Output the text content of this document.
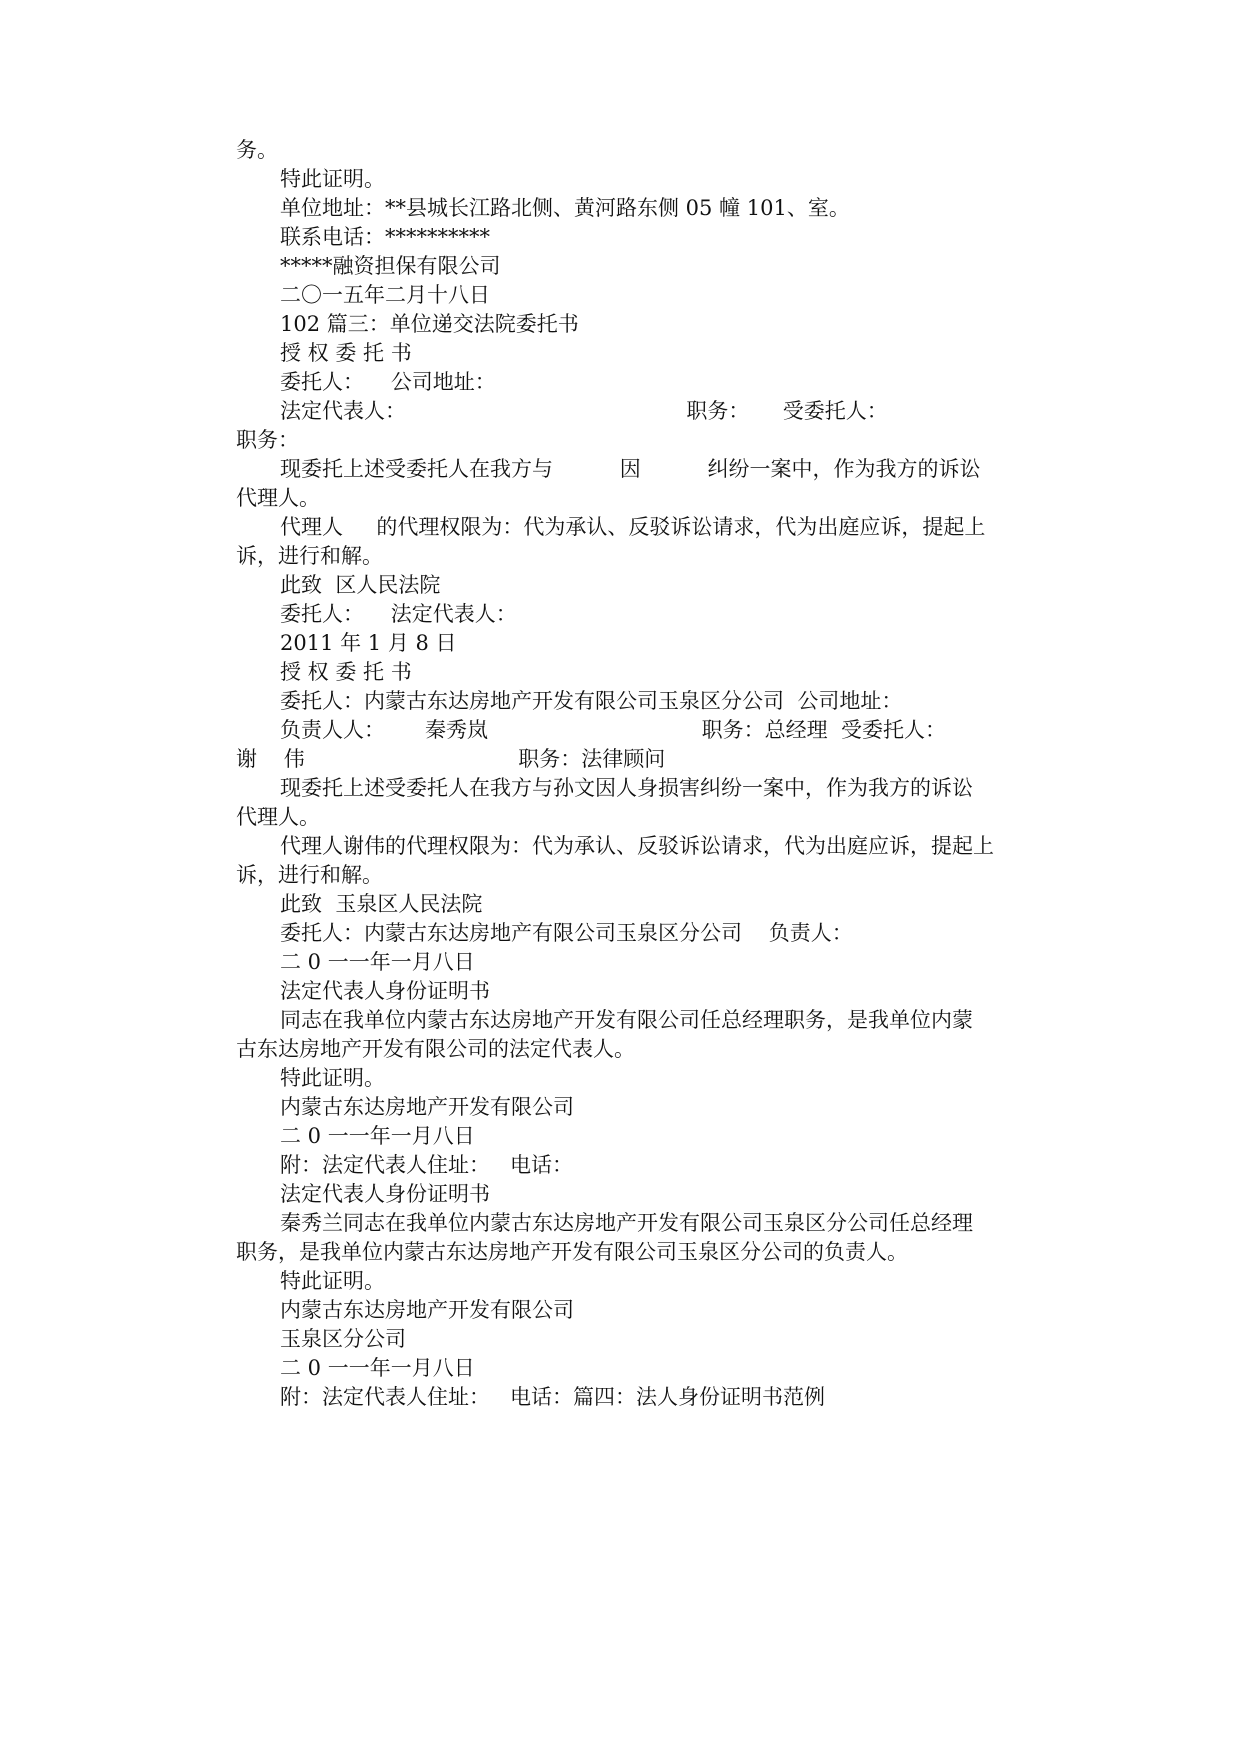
务。
特此证明。
单位地址：**县城长江路北侧、黄河路东侧 05 幢 101、室。
联系电话：**********
*****融资担保有限公司
二〇一五年二月十八日
102 篇三：单位递交法院委托书
授 权 委 托 书
委托人：    公司地址：
法定代表人：                                          职务：     受委托人：
职务：
现委托上述受委托人在我方与          因          纠纷一案中，作为我方的诉讼
代理人。
代理人     的代理权限为：代为承认、反驳诉讼请求，代为出庭应诉，提起上
诉，进行和解。
此致  区人民法院
委托人：    法定代表人：
2011 年 1 月 8 日
授 权 委 托 书
委托人：内蒙古东达房地产开发有限公司玉泉区分公司  公司地址：
负责人人：      秦秀岚                                职务：总经理  受委托人：
谢    伟                                职务：法律顾问
现委托上述受委托人在我方与孙文因人身损害纠纷一案中，作为我方的诉讼
代理人。
代理人谢伟的代理权限为：代为承认、反驳诉讼请求，代为出庭应诉，提起上
诉，进行和解。
此致  玉泉区人民法院
委托人：内蒙古东达房地产有限公司玉泉区分公司    负责人：
二 0 一一年一月八日
法定代表人身份证明书
同志在我单位内蒙古东达房地产开发有限公司任总经理职务，是我单位内蒙
古东达房地产开发有限公司的法定代表人。
特此证明。
内蒙古东达房地产开发有限公司
二 0 一一年一月八日
附：法定代表人住址：   电话：
法定代表人身份证明书
秦秀兰同志在我单位内蒙古东达房地产开发有限公司玉泉区分公司任总经理
职务，是我单位内蒙古东达房地产开发有限公司玉泉区分公司的负责人。
特此证明。
内蒙古东达房地产开发有限公司
玉泉区分公司
二 0 一一年一月八日
附：法定代表人住址：   电话：篇四：法人身份证明书范例
